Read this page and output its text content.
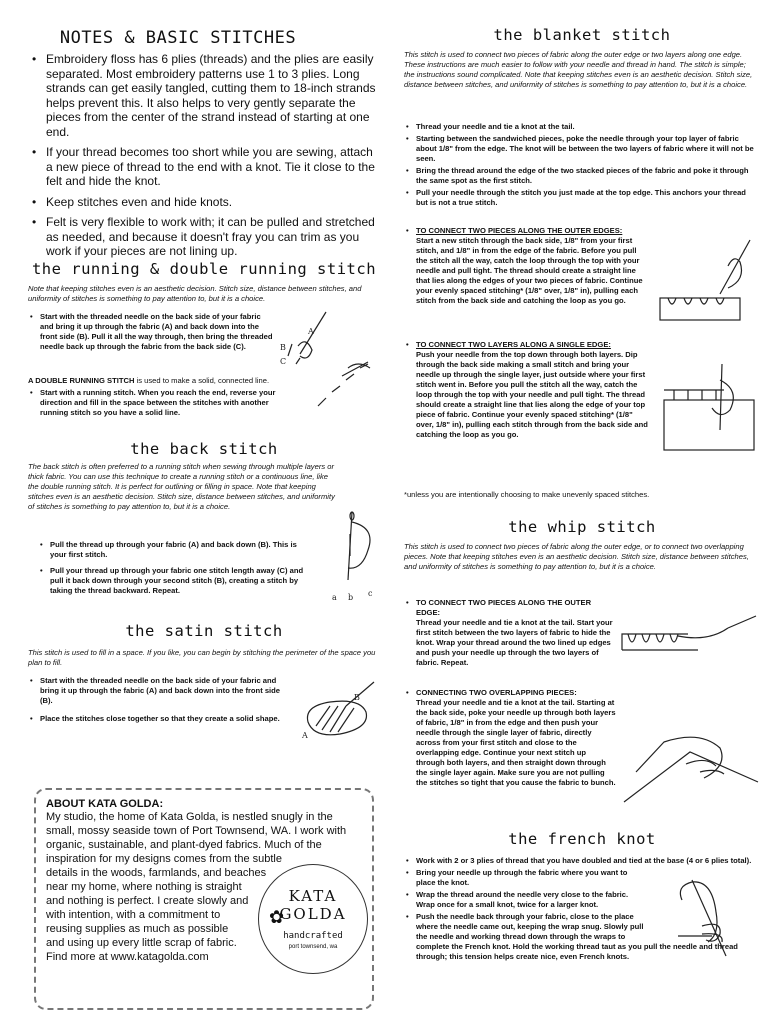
NOTES & BASIC STITCHES
• Embroidery floss has 6 plies (threads) and the plies are easily separated. Most embroidery patterns use 1 to 3 plies. Long strands can get easily tangled, cutting them to 18-inch strands helps prevent this. It also helps to very gently separate the pieces from the center of the strand instead of starting at one end.
• If your thread becomes too short while you are sewing, attach a new piece of thread to the end with a knot. Tie it close to the felt and hide the knot.
• Keep stitches even and hide knots.
• Felt is very flexible to work with; it can be pulled and stretched as needed, and because it doesn't fray you can trim as you work if your pieces are not lining up.
the running & double running stitch

Note that keeping stitches even is an aesthetic decision. Stitch size, distance between stitches, and uniformity of stitches is something to pay attention to, but it is a choice.

• Start with the threaded needle on the back side of your fabric and bring it up through the fabric (A) and back down into the front side (B). Pull it all the way through, then bring the threaded needle back up through the fabric from the back side (C).

A DOUBLE RUNNING STITCH is used to make a solid, connected line.

• Start with a running stitch. When you reach the end, reverse your direction and fill in the space between the stitches with another running stitch so you have a solid line.
A
B
C
the back stitch

The back stitch is often preferred to a running stitch when sewing through multiple layers or thick fabric. You can use this technique to create a running stitch or a continuous line, like the double running stitch. It is perfect for outlining or filling in space. Note that keeping stitches even is an aesthetic decision. Stitch size, distance between stitches, and uniformity of stitches is something to pay attention to, but it is a choice.

• Pull the thread up through your fabric (A) and back down (B). This is your first stitch.
• Pull your thread up through your fabric one stitch length away (C) and pull it back down through your second stitch (B), creating a stitch by taking the thread backward. Repeat.
a b c
the satin stitch

This stitch is used to fill in a space. If you like, you can begin by stitching the perimeter of the space you plan to fill.

• Start with the threaded needle on the back side of your fabric and bring it up through the fabric (A) and back down into the front side (B).
• Place the stitches close together so that they create a solid shape.
B
A
ABOUT KATA GOLDA:

My studio, the home of Kata Golda, is nestled snugly in the small, mossy seaside town of Port Townsend, WA. I work with organic, sustainable, and plant-dyed fabrics. Much of the inspiration for my designs comes from the subtle details in the woods, farmlands, and beaches near my home, where nothing is straight and nothing is perfect. I create slowly and with intention, with a commitment to reusing supplies as much as possible and using up every little scrap of fabric. Find more at www.katagolda.com

KATA
GOLDA
handcrafted
port townsend, wa
✿
the blanket stitch

This stitch is used to connect two pieces of fabric along the outer edge or two layers along one edge. These instructions are much easier to follow with your needle and thread in hand. The stitch is simple; the instructions sound complicated. Note that keeping stitches even is an aesthetic decision. Stitch size, distance between stitches, and uniformity of stitches is something to pay attention to, but it is a choice.

• Thread your needle and tie a knot at the tail.
• Starting between the sandwiched pieces, poke the needle through your top layer of fabric about 1/8" from the edge. The knot will be between the two layers of fabric where it will not be seen.
• Bring the thread around the edge of the two stacked pieces of the fabric and poke it through the same spot as the first stitch.
• Pull your needle through the stitch you just made at the top edge. This anchors your thread but is not a true stitch.

• TO CONNECT TWO PIECES ALONG THE OUTER EDGES:

Start a new stitch through the back side, 1/8" from your first stitch, and 1/8" in from the edge of the fabric. Before you pull the stitch all the way, catch the loop through the top with your needle and pull tight. The thread should create a straight line that lies along the edges of your two pieces of fabric. Continue your evenly spaced stitching* (1/8" over, 1/8" in), pulling each stitch from the back side and catching the loop as you go.

• TO CONNECT TWO LAYERS ALONG A SINGLE EDGE:

Push your needle from the top down through both layers. Dip through the back side making a small stitch and bring your needle up through the single layer, just outside where your first stitch went in. Before you pull the stitch all the way, catch the loop through the top with your needle and pull tight. The thread should create a straight line that lies along the edge of your top piece of fabric. Continue your evenly spaced stitching* (1/8" over, 1/8" in), pulling each stitch through from the back side and catching the loop as you go.

*unless you are intentionally choosing to make unevenly spaced stitches.

the whip stitch

This stitch is used to connect two pieces of fabric along the outer edge, or to connect two overlapping pieces. Note that keeping stitches even is an aesthetic decision. Stitch size, distance between stitches, and uniformity of stitches is something to pay attention to, but it is a choice.

• TO CONNECT TWO PIECES ALONG THE OUTER EDGE:

Thread your needle and tie a knot at the tail. Start your first stitch between the two layers of fabric to hide the knot. Wrap your thread around the two lined up edges and push your needle up through the two layers of fabric. Repeat.

• CONNECTING TWO OVERLAPPING PIECES:

Thread your needle and tie a knot at the tail. Starting at the back side, poke your needle up through both layers of fabric, 1/8" in from the edge and then push your needle through the single layer of fabric, directly across from your first stitch and close to the overlapping edge. Continue your next stitch up through both layers, and then straight down through the single layer again. Make sure you are not pulling the stitches so tight that you cause the fabric to bunch.

the french knot
• Work with 2 or 3 plies of thread that you have doubled and tied at the base (4 or 6 plies total).
• Bring your needle up through the fabric where you want to place the knot.
• Wrap the thread around the needle very close to the fabric. Wrap once for a small knot, twice for a larger knot.
• Push the needle back through your fabric, close to the place where the needle came out, keeping the wrap snug. Slowly pull the needle and working thread down through the wraps to complete the French knot. Hold the working thread taut as you pull the needle and thread through; this tension helps create nice, even French knots.
